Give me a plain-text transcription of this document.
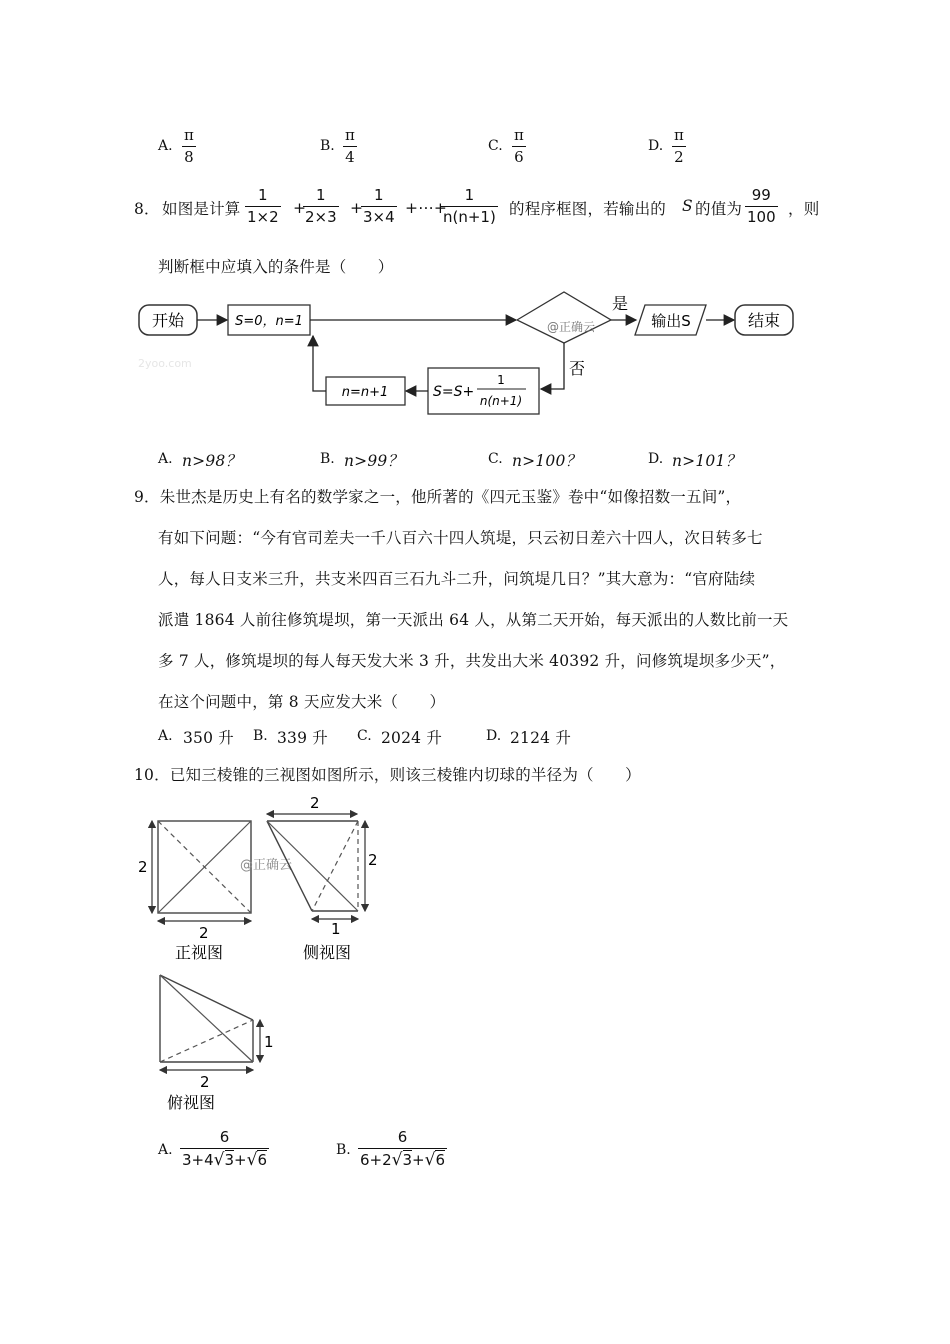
A. $\frac{\pi}{8}$	B. $\frac{\pi}{4}$	C. $\frac{\pi}{6}$	D. $\frac{\pi}{2}$
8． 如图是计算 $\frac{1}{1\times 2}$ +
$\frac{1}{2\times 3}$ +
$\frac{1}{3\times 4}$ +⋯+
$\frac{1}{n(n+1)}$ 的程序框图，若输出的 S 的值为 $\frac{99}{100}$ ，则
判断框中应填入的条件是（　　）
开始	S=0，n=1	@正确云
2yoo.com
是
输出S	结束
否
S=S+
1
n(n+1)
n=n+1
A. n>98？	B. n>99？	C. n>100？	D. n>101？
9．朱世杰是历史上有名的数学家之一，他所著的《四元玉鉴》卷中“如像招数一五间”，
有如下问题：“今有官司差夫一千八百六十四人筑堤，只云初日差六十四人，次日转多七
人，每人日支米三升，共支米四百三石九斗二升，问筑堤几日？”其大意为：“官府陆续
派遣 1864 人前往修筑堤坝，第一天派出 64 人，从第二天开始，每天派出的人数比前一天
多 7 人，修筑堤坝的每人每天发大米 3 升，共发出大米 40392 升，问修筑堤坝多少天”，
在这个问题中，第 8 天应发大米（　　）
A. 350 升 B. 339 升 C. 2024 升	D. 2124 升
10．已知三棱锥的三视图如图所示，则该三棱锥内切球的半径为（　　）
2
2
正视图
@正确云
2
2
1
侧视图
1
2
俯视图
A. $\frac{6}{3+4√3+√6}$	B. $\frac{6}{6+2√3+√6}$
